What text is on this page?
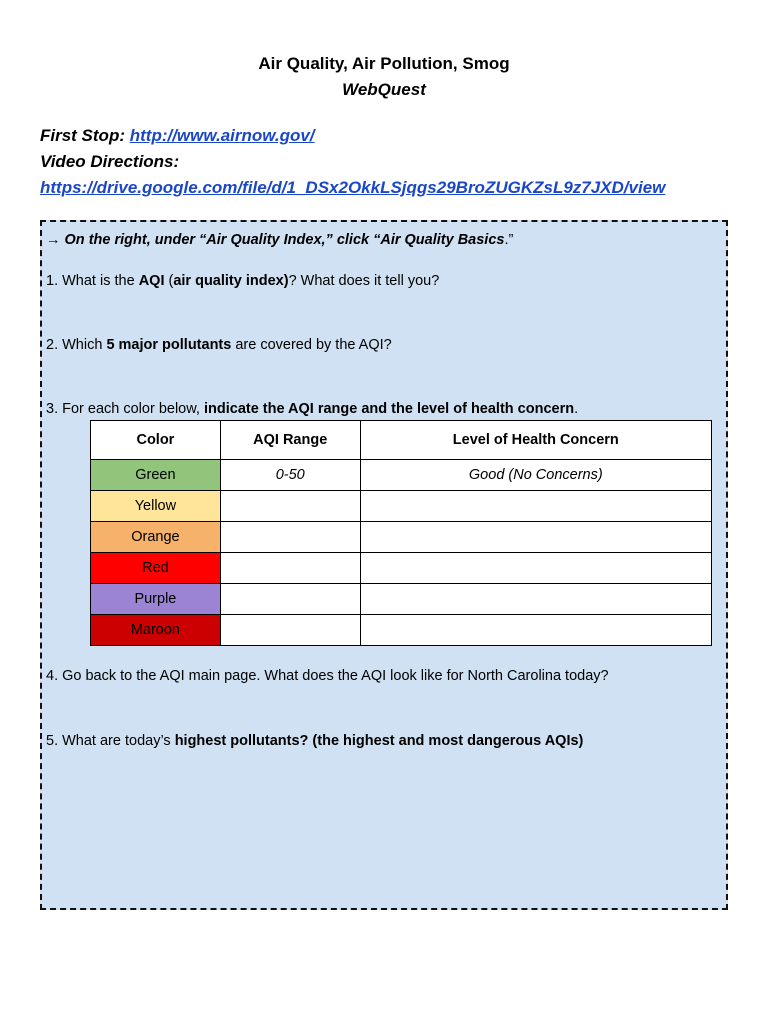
Air Quality, Air Pollution, Smog
WebQuest
First Stop: http://www.airnow.gov/
Video Directions:
https://drive.google.com/file/d/1_DSx2OkkLSjqgs29BroZUGKZsL9z7JXD/view
→ On the right, under “Air Quality Index,” click “Air Quality Basics.”
1. What is the AQI (air quality index)? What does it tell you?
2. Which 5 major pollutants are covered by the AQI?
3. For each color below, indicate the AQI range and the level of health concern.
Color	AQI Range	Level of Health Concern
Green	0-50	Good (No Concerns)
Yellow		
Orange		
Red		
Purple		
Maroon		
4. Go back to the AQI main page. What does the AQI look like for North Carolina today?
5. What are today’s highest pollutants? (the highest and most dangerous AQIs)
